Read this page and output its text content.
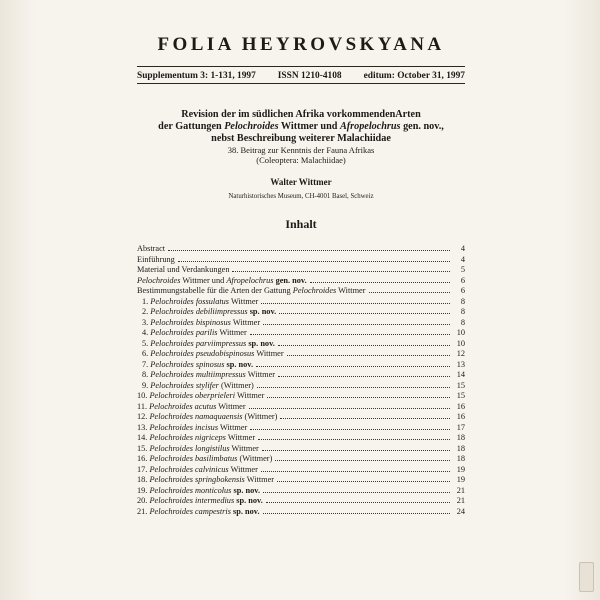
FOLIA HEYROVSKYANA
Supplementum 3: 1-131, 1997 ISSN 1210-4108 editum: October 31, 1997
Revision der im südlichen Afrika vorkommendenArten
der Gattungen Pelochroides Wittmer und Afropelochrus gen. nov.,
nebst Beschreibung weiterer Malachiidae
38. Beitrag zur Kenntnis der Fauna Afrikas
(Coleoptera: Malachiidae)
Walter Wittmer
Naturhistorisches Museum, CH-4001 Basel, Schweiz
Inhalt
Abstract	4
Einführung	4
Material und Verdankungen	5
Pelochroides Wittmer und Afropelochrus gen. nov.	6
Bestimmungstabelle für die Arten der Gattung Pelochroides Wittmer	6
1. Pelochroides fossulatus Wittmer	8
2. Pelochroides debiliimpressus sp. nov.	8
3. Pelochroides bispinosus Wittmer	8
4. Pelochroides parilis Wittmer	10
5. Pelochroides parviimpressus sp. nov.	10
6. Pelochroides pseudobispinosus Wittmer	12
7. Pelochroides spinosus sp. nov.	13
8. Pelochroides multiimpressus Wittmer	14
9. Pelochroides stylifer (Wittmer)	15
10. Pelochroides oberprieleri Wittmer	15
11. Pelochroides acutus Wittmer	16
12. Pelochroides namaquaensis (Wittmer)	16
13. Pelochroides incisus Wittmer	17
14. Pelochroides nigriceps Wittmer	18
15. Pelochroides longistilus Wittmer	18
16. Pelochroides basilimbatus (Wittmer)	18
17. Pelochroides calvinicus Wittmer	19
18. Pelochroides springbokensis Wittmer	19
19. Pelochroides monticolus sp. nov.	21
20. Pelochroides intermedius sp. nov.	21
21. Pelochroides campestris sp. nov.	24
